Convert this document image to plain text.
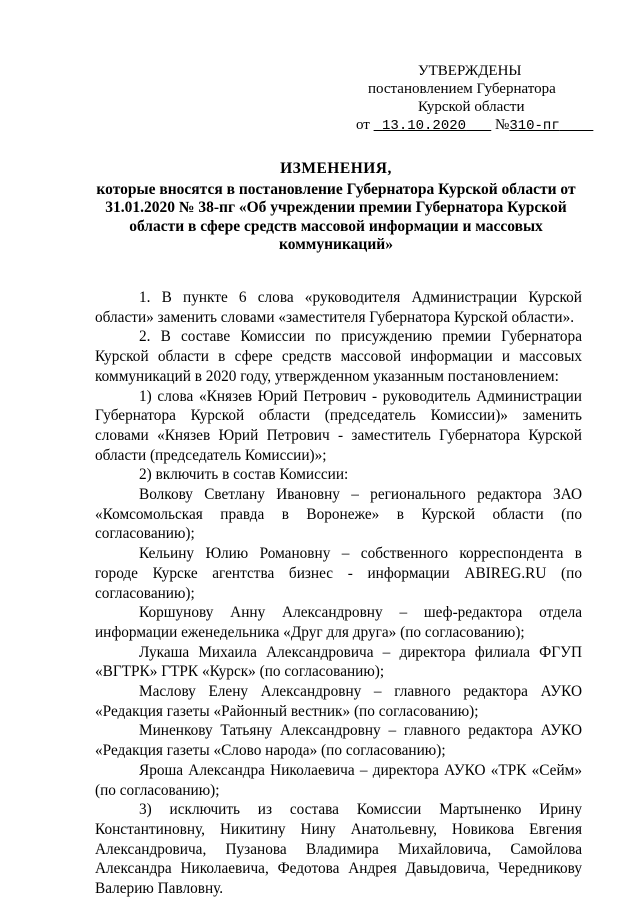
УТВЕРЖДЕНЫ
постановлением Губернатора
Курской области
от 13.10.2020 №310-пг
ИЗМЕНЕНИЯ,
которые вносятся в постановление Губернатора Курской области от 31.01.2020 № 38-пг «Об учреждении премии Губернатора Курской области в сфере средств массовой информации и массовых коммуникаций»

1. В пункте 6 слова «руководителя Администрации Курской области» заменить словами «заместителя Губернатора Курской области».

2. В составе Комиссии по присуждению премии Губернатора Курской области в сфере средств массовой информации и массовых коммуникаций в 2020 году, утвержденном указанным постановлением:

1) слова «Князев Юрий Петрович - руководитель Администрации Губернатора Курской области (председатель Комиссии)» заменить словами «Князев Юрий Петрович - заместитель Губернатора Курской области (председатель Комиссии)»;

2) включить в состав Комиссии:

Волкову Светлану Ивановну – регионального редактора ЗАО «Комсомольская правда в Воронеже» в Курской области (по согласованию);

Кельину Юлию Романовну – собственного корреспондента в городе Курске агентства бизнес - информации ABIREG.RU (по согласованию);

Коршунову Анну Александровну – шеф-редактора отдела информации еженедельника «Друг для друга» (по согласованию);

Лукаша Михаила Александровича – директора филиала ФГУП «ВГТРК» ГТРК «Курск» (по согласованию);

Маслову Елену Александровну – главного редактора АУКО «Редакция газеты «Районный вестник» (по согласованию);

Миненкову Татьяну Александровну – главного редактора АУКО «Редакция газеты «Слово народа» (по согласованию);

Яроша Александра Николаевича – директора АУКО «ТРК «Сейм» (по согласованию);

3) исключить из состава Комиссии Мартыненко Ирину Константиновну, Никитину Нину Анатольевну, Новикова Евгения Александровича, Пузанова Владимира Михайловича, Самойлова Александра Николаевича, Федотова Андрея Давыдовича, Чередникову Валерию Павловну.
